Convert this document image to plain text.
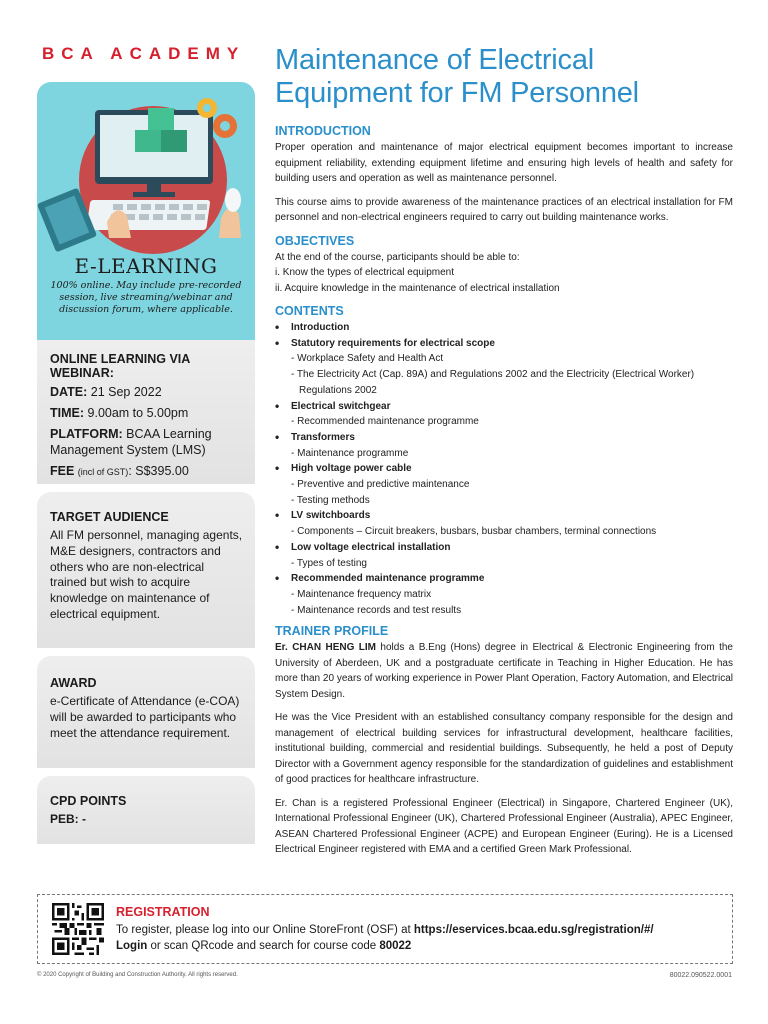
BCA ACADEMY
E-LEARNING
100% online. May include pre-recorded session, live streaming/webinar and discussion forum, where applicable.
ONLINE LEARNING VIA WEBINAR:
DATE: 21 Sep 2022
TIME: 9.00am to 5.00pm
PLATFORM: BCAA Learning Management System (LMS)
FEE (incl of GST): S$395.00
TARGET AUDIENCE
All FM personnel, managing agents, M&E designers, contractors and others who are non-electrical trained but wish to acquire knowledge on maintenance of electrical equipment.
AWARD
e-Certificate of Attendance (e-COA) will be awarded to participants who meet the attendance requirement.
CPD POINTS
PEB: -
Maintenance of Electrical Equipment for FM Personnel
INTRODUCTION
Proper operation and maintenance of major electrical equipment becomes important to increase equipment reliability, extending equipment lifetime and ensuring high levels of health and safety for building users and operation as well as maintenance personnel.
This course aims to provide awareness of the maintenance practices of an electrical installation for FM personnel and non-electrical engineers required to carry out building maintenance works.
OBJECTIVES
At the end of the course, participants should be able to:
i. Know the types of electrical equipment
ii. Acquire knowledge in the maintenance of electrical installation
CONTENTS
• Introduction
• Statutory requirements for electrical scope
- Workplace Safety and Health Act
- The Electricity Act (Cap. 89A) and Regulations 2002 and the Electricity (Electrical Worker)
Regulations 2002
• Electrical switchgear
- Recommended maintenance programme
• Transformers
- Maintenance programme
• High voltage power cable
- Preventive and predictive maintenance
- Testing methods
• LV switchboards
- Components – Circuit breakers, busbars, busbar chambers, terminal connections
• Low voltage electrical installation
- Types of testing
• Recommended maintenance programme
- Maintenance frequency matrix
- Maintenance records and test results
TRAINER PROFILE
Er. CHAN HENG LIM holds a B.Eng (Hons) degree in Electrical & Electronic Engineering from the University of Aberdeen, UK and a postgraduate certificate in Teaching in Higher Education. He has more than 20 years of working experience in Power Plant Operation, Factory Automation, and Electrical System Design.
He was the Vice President with an established consultancy company responsible for the design and management of electrical building services for infrastructural development, healthcare facilities, institutional building, commercial and residential buildings. Subsequently, he held a post of Deputy Director with a Government agency responsible for the standardization of guidelines and establishment of good practices for healthcare infrastructure.
Er. Chan is a registered Professional Engineer (Electrical) in Singapore, Chartered Engineer (UK), International Professional Engineer (UK), Chartered Professional Engineer (Australia), APEC Engineer, ASEAN Chartered Professional Engineer (ACPE) and European Engineer (Euring). He is a Licensed Electrical Engineer registered with EMA and a certified Green Mark Professional.
REGISTRATION
To register, please log into our Online StoreFront (OSF) at https://eservices.bcaa.edu.sg/registration/#/
Login or scan QRcode and search for course code 80022
© 2020 Copyright of Building and Construction Authority. All rights reserved.	80022.090522.0001
